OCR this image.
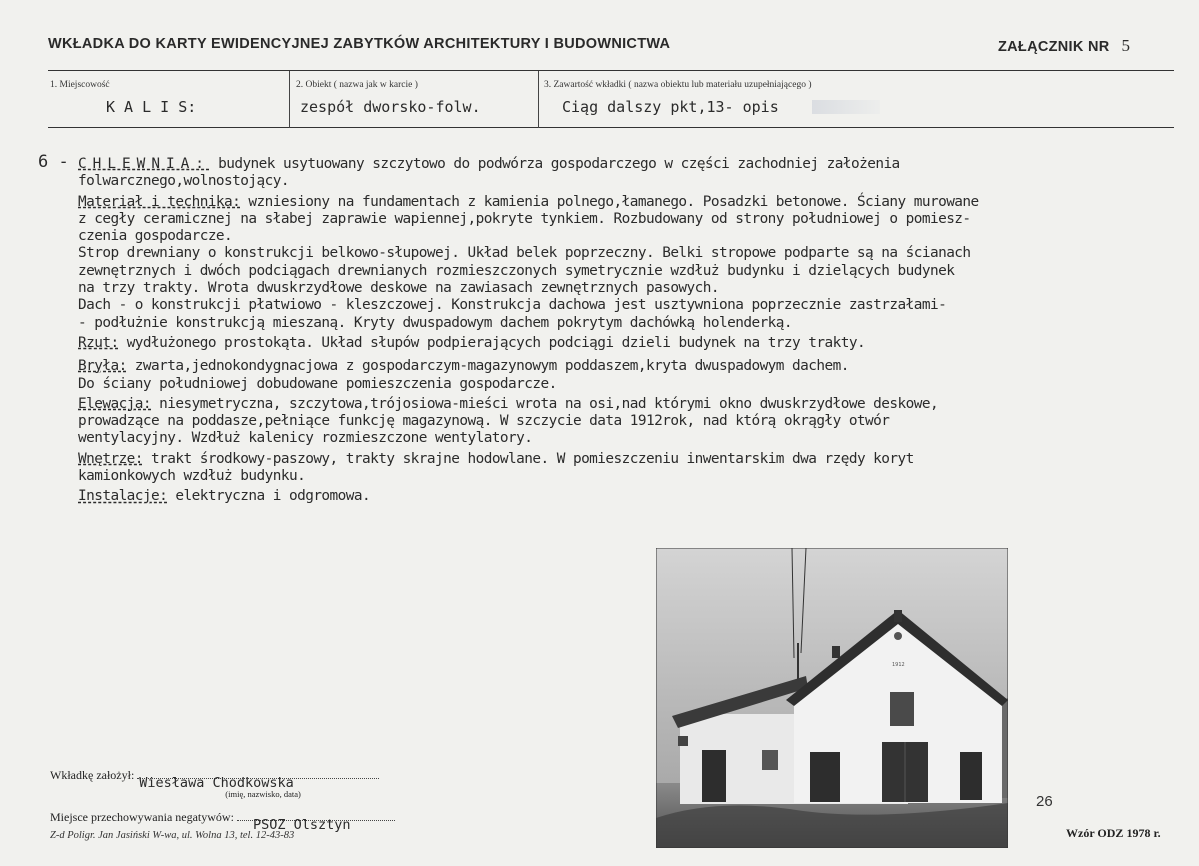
WKŁADKA DO KARTY EWIDENCYJNEJ ZABYTKÓW ARCHITEKTURY I BUDOWNICTWA	ZAŁĄCZNIK NR 5
1. Miejscowość	2. Obiekt ( nazwa jak w karcie )	3. Zawartość wkładki ( nazwa obiektu lub materiału uzupełniającego )
K A L I S:	zespół dworsko-folw.	Ciąg dalszy pkt,13- opis
6 - CHLEWNIA: budynek usytuowany szczytowo do podwórza gospodarczego w części zachodniej założenia

folwarcznego,wolnostojący.

Materiał i technika: wzniesiony na fundamentach z kamienia polnego,łamanego. Posadzki betonowe. Ściany murowane

z cegły ceramicznej na słabej zaprawie wapiennej,pokryte tynkiem. Rozbudowany od strony południowej o pomiesz-

czenia gospodarcze.

Strop drewniany o konstrukcji belkowo-słupowej. Układ belek poprzeczny. Belki stropowe podparte są na ścianach

zewnętrznych i dwóch podciągach drewnianych rozmieszczonych symetrycznie wzdłuż budynku i dzielących budynek

na trzy trakty. Wrota dwuskrzydłowe deskowe na zawiasach zewnętrznych pasowych.

Dach - o konstrukcji płatwiowo - kleszczowej. Konstrukcja dachowa jest usztywniona poprzecznie zastrzałami-

- podłużnie konstrukcją mieszaną. Kryty dwuspadowym dachem pokrytym dachówką holenderką.

Rzut: wydłużonego prostokąta. Układ słupów podpierających podciągi dzieli budynek na trzy trakty.

Bryła: zwarta,jednokondygnacjowa z gospodarczym-magazynowym poddaszem,kryta dwuspadowym dachem.

Do ściany południowej dobudowane pomieszczenia gospodarcze.

Elewacja: niesymetryczna, szczytowa,trójosiowa-mieści wrota na osi,nad którymi okno dwuskrzydłowe deskowe,

prowadzące na poddasze,pełniące funkcję magazynową. W szczycie data 1912rok, nad którą okrągły otwór

wentylacyjny. Wzdłuż kalenicy rozmieszczone wentylatory.

Wnętrze: trakt środkowy-paszowy, trakty skrajne hodowlane. W pomieszczeniu inwentarskim dwa rzędy koryt

kamionkowych wzdłuż budynku.

Instalacje: elektryczna i odgromowa.

1912
Wkładkę założył: Wiesława Chodkowska
(imię, nazwisko, data)
Miejsce przechowywania negatywów: PSOZ Olsztyn
Z-d Poligr. Jan Jasiński W-wa, ul. Wolna 13, tel. 12-43-83
26
Wzór ODZ 1978 r.
